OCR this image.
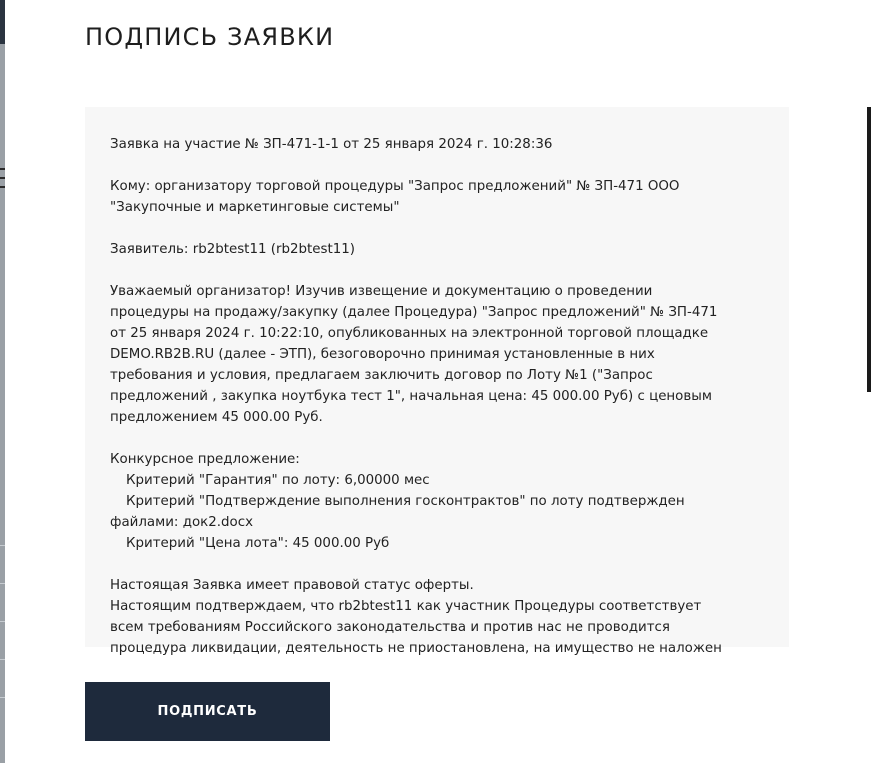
ПОДПИСЬ ЗАЯВКИ

Заявка на участие № ЗП-471-1-1 от 25 января 2024 г. 10:28:36

Кому: организатору торговой процедуры "Запрос предложений" № ЗП-471 ООО
"Закупочные и маркетинговые системы"

Заявитель: rb2btest11 (rb2btest11)

Уважаемый организатор! Изучив извещение и документацию о проведении
процедуры на продажу/закупку (далее Процедура) "Запрос предложений" № ЗП-471
от 25 января 2024 г. 10:22:10, опубликованных на электронной торговой площадке
DEMO.RB2B.RU (далее - ЭТП), безоговорочно принимая установленные в них
требования и условия, предлагаем заключить договор по Лоту №1 ("Запрос
предложений , закупка ноутбука тест 1", начальная цена: 45 000.00 Руб) с ценовым
предложением 45 000.00 Руб.

Конкурсное предложение:
Критерий "Гарантия" по лоту: 6,00000 мес
Критерий "Подтверждение выполнения госконтрактов" по лоту подтвержден
файлами: док2.docx
Критерий "Цена лота": 45 000.00 Руб

Настоящая Заявка имеет правовой статус оферты.
Настоящим подтверждаем, что rb2btest11 как участник Процедуры соответствует
всем требованиям Российского законодательства и против нас не проводится
процедура ликвидации, деятельность не приостановлена, на имущество не наложен

ПОДПИСАТЬ
